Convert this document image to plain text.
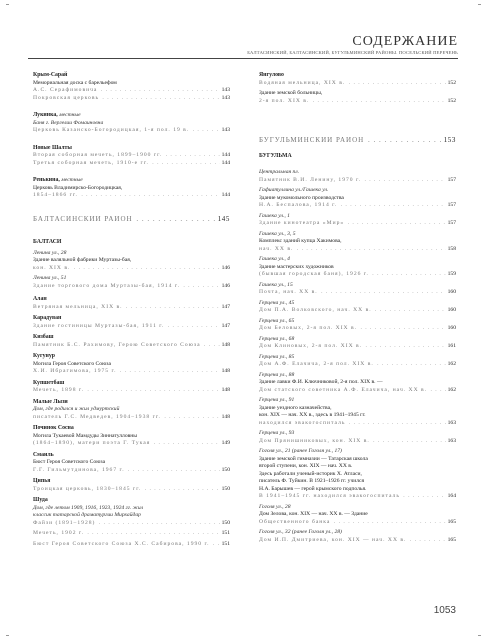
СОДЕРЖАНИЕ
БАЛТАСИНСКИЙ, БАЛТАСИНСКИЙ, БУГУЛЬМИНСКИЙ РАЙОНЫ. ПОСЕЛЬСКИЙ ПЕРЕЧЕНЬ
Крым-Сарай
Мемориальная доска с барельефом
143
А.С. Серафимовича . . .
143
Покровская церковь . . .
Лукинка, местные
Баня г. Вергелии Фомаиновна
143
Церковь Казанско-Богородицкая, 1-я пол. 19 в. . . .
Новые Шалты
144
Вторая соборная мечеть, 1899–1900 гг. . . .
144
Третья соборная мечеть, 1910-е гг. . . .
Ренькина, местные
Церковь Владимирско-Богородицкая,
144
1854–1866 гг. . . .
145
БАЛТАСИНСКИЙ РАЙОН . . .
БАЛТАСИ
Ленина ул., 28
Здание валяльной фабрики Муртазы-бая,
146
кон. XIX в. . . .
Ленина ул., 51
146
Здание торгового дома Муртазы-бая, 1914 г. . . .
Алан
147
Ветряная мельница, XIX в. . . .
Карадуван
147
Здание гостиницы Муртазы-бая, 1911 г. . . .
Кизбаш
148
Памятник Б.С. Рахимову, Герою Советского Союза . . .
Кугунур
Могила Героя Советского Союза
148
Х.И. Ибрагимова, 1975 г. . . .
Купшетбаш
148
Мечеть, 1898 г. . . .
Малые Лызи
Дом, где родился и жил удмуртский
148
писатель Г.С. Медведев, 1904–1938 гг. . . .
Починок Сосна
Могила Тукаевой Мамдуды Зиннатулловны
149
(1864–1890), матери поэта Г. Тукая . . .
Смаиль
Бюст Героя Советского Союза
150
Г.Г. Гильмутдинова, 1967 г. . . .
Ципья
150
Троицкая церковь, 1830–1845 гг. . . .
Шуда
Дом, где летом 1909, 1916, 1923, 1924 гг. жил
классик татарской драматургии Мирхайдар
150
Файзи (1891–1928) . . .
151
Мечеть, 1902 г. . . .
151
Бюст Героя Советского Союза Х.С. Сабирова, 1990 г. . . .
Янгулово
152
Водяная мельница, XIX в. . . .
Здание земской больницы,
152
2-я пол. XIX в. . . .
153
БУГУЛЬМИНСКИЙ РАЙОН . . .
БУГУЛЬМА
Центральная пл.
157
Памятник В.И. Ленину, 1970 г. . . .
Гафиатуллина ул./Гашека ул.
Здание мукомольного производства
157
Н.А. Беспалова, 1914 г. . . .
Гашека ул., 1
157
Здание кинотеатра «Мир» . . .
Гашека ул., 3, 5
Комплекс зданий купца Хакимова,
158
нач. XX в. . . .
Гашека ул., 4
Здание мастерских художников
159
(бывшая городская баня), 1926 г. . . .
Гашека ул., 15
160
Почта, нач. XX в. . . .
Герцена ул., 45
160
Дом П.А. Волковского, нач. XX в. . . .
Герцена ул., 65
160
Дом Беловых, 2-я пол. XIX в. . . .
Герцена ул., 68
161
Дом Клиновых, 2-я пол. XIX в. . . .
Герцена ул., 85
162
Дом А.Ф. Елачича, 2-я пол. XIX в. . . .
Герцена ул., 88
Здание лавки Ф.И. Ключниковой, 2-я пол. XIX в. —
162
Дом статского советника А.Ф. Елачича, нач. XX в. . . .
Герцена ул., 91
Здание уездного казначейства,
кон. XIX — нач. XX в., здесь в 1941–1945 гг.
163
находился эвакогоспиталь . . .
Герцена ул., 93
163
Дом Прянишниковых, кон. XIX в. . . .
Гоголя ул., 21 (ранее Гоголя ул., 17)
Здание земской гимназии — Татарская школа
второй ступени, кон. XIX — нач. XX в.
Здесь работали ученый-историк Х. Атласи,
писатель Ф. Туйкин. В 1921–1926 гг. учился
Н.А. Барышев — герой крымского подполья.
164
В 1941–1945 гг. находился эвакогоспиталь . . .
Гоголя ул., 28
Дом Зелова, кон. XIX — нач. XX в. — Здание
165
Общественного банка . . .
Гоголя ул., 32 (ранее Гоголя ул., 28)
165
Дом И.П. Дмитриева, кон. XIX — нач. XX в. . . .
1053
